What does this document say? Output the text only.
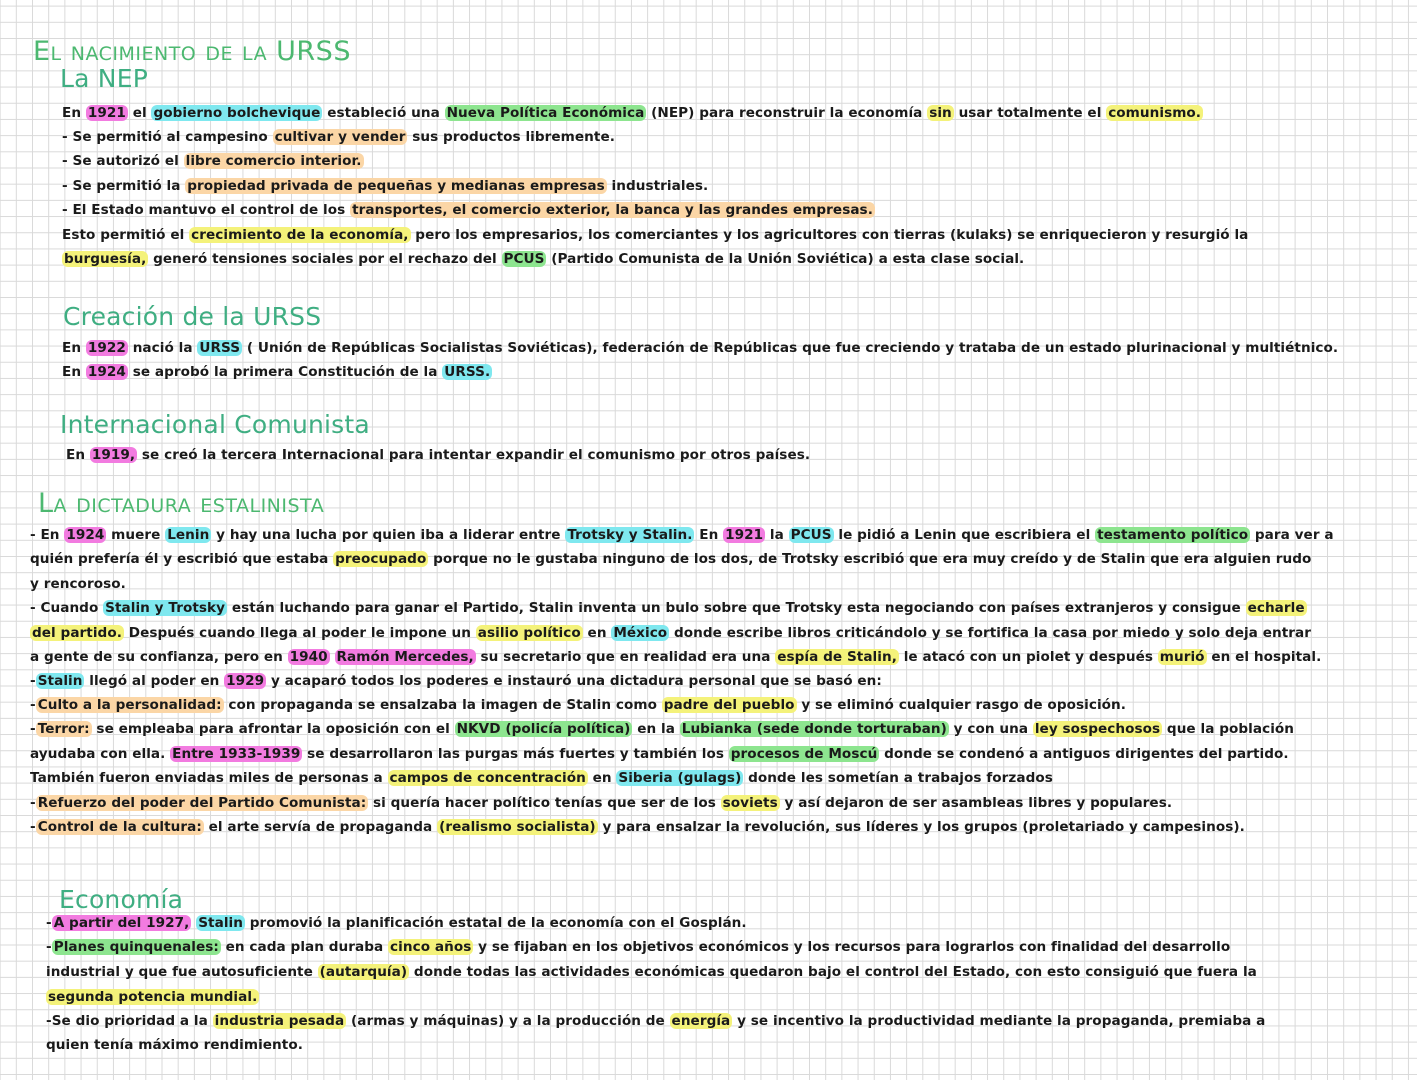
El nacimiento de la URSS
La NEP
Creación de la URSS
Internacional Comunista
La dictadura estalinista
Economía
En 1921 el gobierno bolchevique estableció una Nueva Política Económica (NEP) para reconstruir la economía sin usar totalmente el comunismo.
- Se permitió al campesino cultivar y vender sus productos libremente.
- Se autorizó el libre comercio interior.
- Se permitió la propiedad privada de pequeñas y medianas empresas industriales.
- El Estado mantuvo el control de los transportes, el comercio exterior, la banca y las grandes empresas.
Esto permitió el crecimiento de la economía, pero los empresarios, los comerciantes y los agricultores con tierras (kulaks) se enriquecieron y resurgió la
burguesía, generó tensiones sociales por el rechazo del PCUS (Partido Comunista de la Unión Soviética) a esta clase social.
En 1922 nació la URSS ( Unión de Repúblicas Socialistas Soviéticas), federación de Repúblicas que fue creciendo y trataba de un estado plurinacional y multiétnico.
En 1924 se aprobó la primera Constitución de la URSS.
En 1919, se creó la tercera Internacional para intentar expandir el comunismo por otros países.
- En 1924 muere Lenin y hay una lucha por quien iba a liderar entre Trotsky y Stalin. En 1921 la PCUS le pidió a Lenin que escribiera el testamento político para ver a
quién prefería él y escribió que estaba preocupado porque no le gustaba ninguno de los dos, de Trotsky escribió que era muy creído y de Stalin que era alguien rudo
y rencoroso.
- Cuando Stalin y Trotsky están luchando para ganar el Partido, Stalin inventa un bulo sobre que Trotsky esta negociando con países extranjeros y consigue echarle
del partido. Después cuando llega al poder le impone un asilio político en México donde escribe libros criticándolo y se fortifica la casa por miedo y solo deja entrar
a gente de su confianza, pero en 1940 Ramón Mercedes, su secretario que en realidad era una espía de Stalin, le atacó con un piolet y después murió en el hospital.
- Stalin llegó al poder en 1929 y acaparó todos los poderes e instauró una dictadura personal que se basó en:
- Culto a la personalidad: con propaganda se ensalzaba la imagen de Stalin como padre del pueblo y se eliminó cualquier rasgo de oposición.
- Terror: se empleaba para afrontar la oposición con el NKVD (policía política) en la Lubianka (sede donde torturaban) y con una ley sospechosos que la población
ayudaba con ella. Entre 1933-1939 se desarrollaron las purgas más fuertes y también los procesos de Moscú donde se condenó a antiguos dirigentes del partido.
También fueron enviadas miles de personas a campos de concentración en Siberia (gulags) donde les sometían a trabajos forzados
- Refuerzo del poder del Partido Comunista: si quería hacer político tenías que ser de los soviets y así dejaron de ser asambleas libres y populares.
- Control de la cultura: el arte servía de propaganda (realismo socialista) y para ensalzar la revolución, sus líderes y los grupos (proletariado y campesinos).
- A partir del 1927, Stalin promovió la planificación estatal de la economía con el Gosplán.
- Planes quinquenales: en cada plan duraba cinco años y se fijaban en los objetivos económicos y los recursos para lograrlos con finalidad del desarrollo
industrial y que fue autosuficiente (autarquía) donde todas las actividades económicas quedaron bajo el control del Estado, con esto consiguió que fuera la
segunda potencia mundial.
-Se dio prioridad a la industria pesada (armas y máquinas) y a la producción de energía y se incentivo la productividad mediante la propaganda, premiaba a
quien tenía máximo rendimiento.
